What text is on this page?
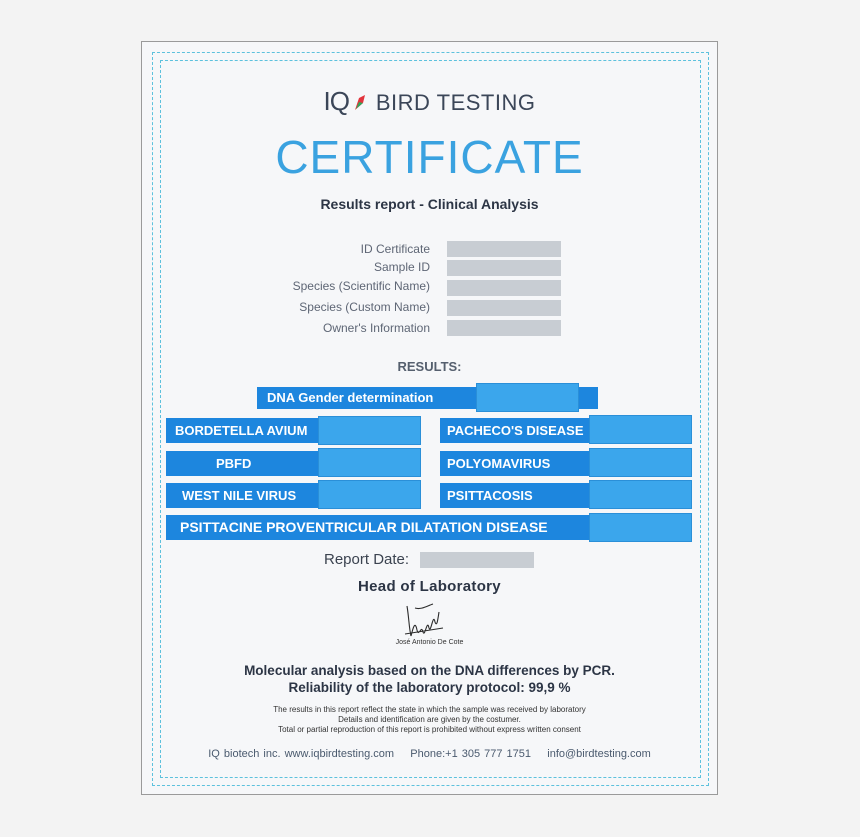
IQ BIRD TESTING
CERTIFICATE
Results report - Clinical Analysis
ID Certificate
Sample ID
Species (Scientific Name)
Species (Custom Name)
Owner's Information
RESULTS:
DNA Gender determination
BORDETELLA AVIUM	PACHECO'S DISEASE
PBFD	POLYOMAVIRUS
WEST NILE VIRUS	PSITTACOSIS
PSITTACINE PROVENTRICULAR DILATATION DISEASE
Report Date:
Head of Laboratory
José Antonio De Cote
Molecular analysis based on the DNA differences by PCR.
Reliability of the laboratory protocol: 99,9 %
The results in this report reflect the state in which the sample was received by laboratory
Details and identification are given by the costumer.
Total or partial reproduction of this report is prohibited without express written consent
IQ biotech inc. www.iqbirdtesting.com Phone:+1 305 777 1751 info@birdtesting.com
